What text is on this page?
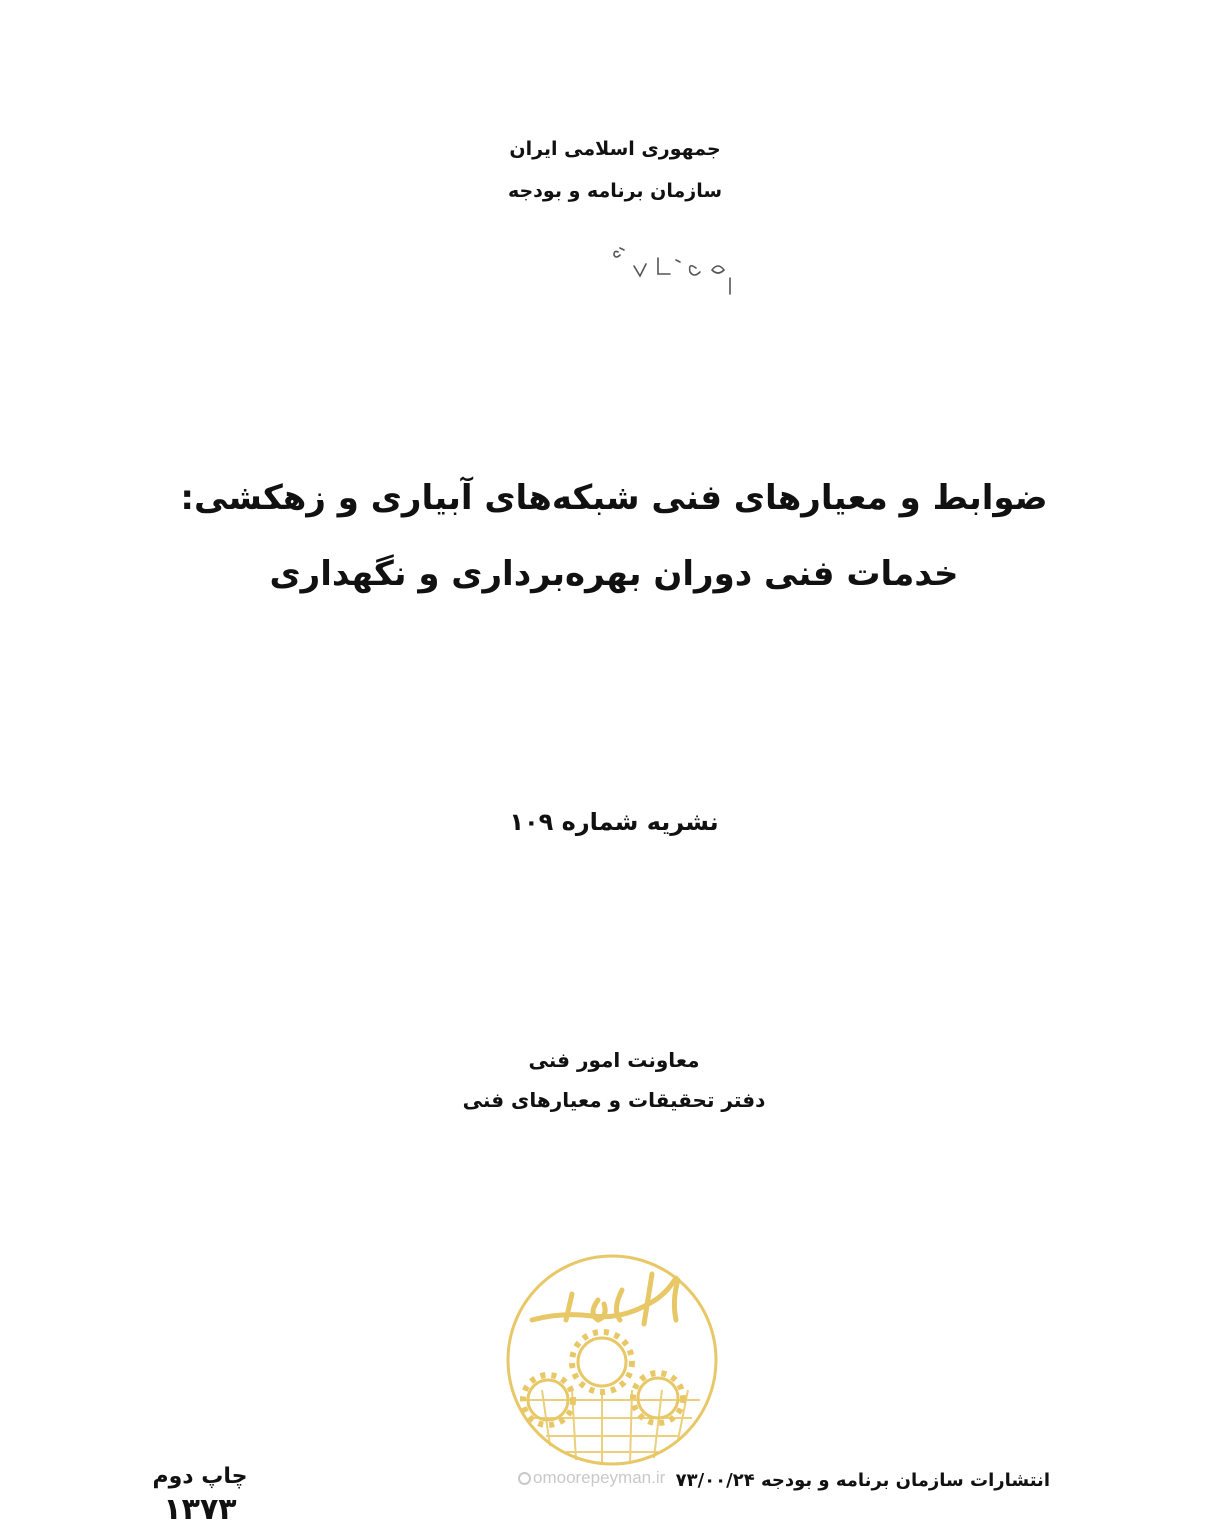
جمهوری اسلامی ایران
سازمان برنامه و بودجه
ضوابط و معیارهای فنی شبکه‌های آبیاری و زهکشی:
خدمات فنی دوران بهره‌برداری و نگهداری
نشریه شماره ۱۰۹
معاونت امور فنی
دفتر تحقیقات و معیارهای فنی
omoorepeyman.ir انتشارات سازمان برنامه و بودجه ۷۳/۰۰/۲۴
چاپ دوم
۱۳۷۳
